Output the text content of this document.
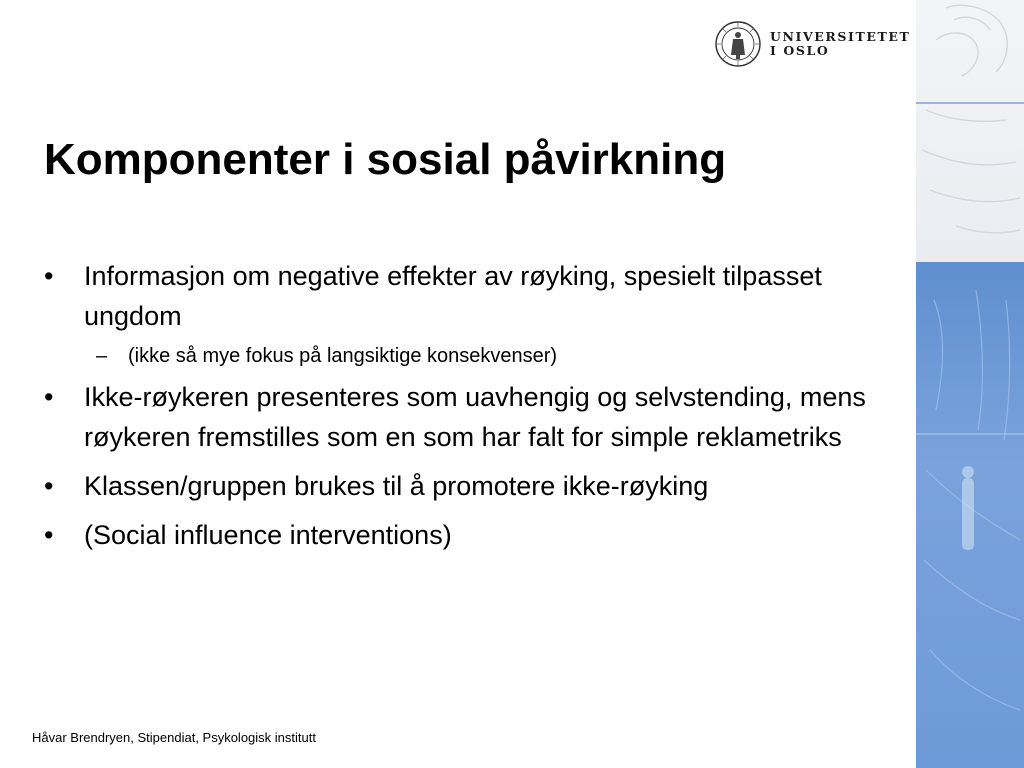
UNIVERSITETET
I OSLO
Komponenter i sosial påvirkning
• Informasjon om negative effekter av røyking, spesielt tilpasset ungdom
– (ikke så mye fokus på langsiktige konsekvenser)
• Ikke-røykeren presenteres som uavhengig og selvstending, mens røykeren fremstilles som en som har falt for simple reklametriks
• Klassen/gruppen brukes til å promotere ikke-røyking
• (Social influence interventions)
Håvar Brendryen, Stipendiat, Psykologisk institutt
